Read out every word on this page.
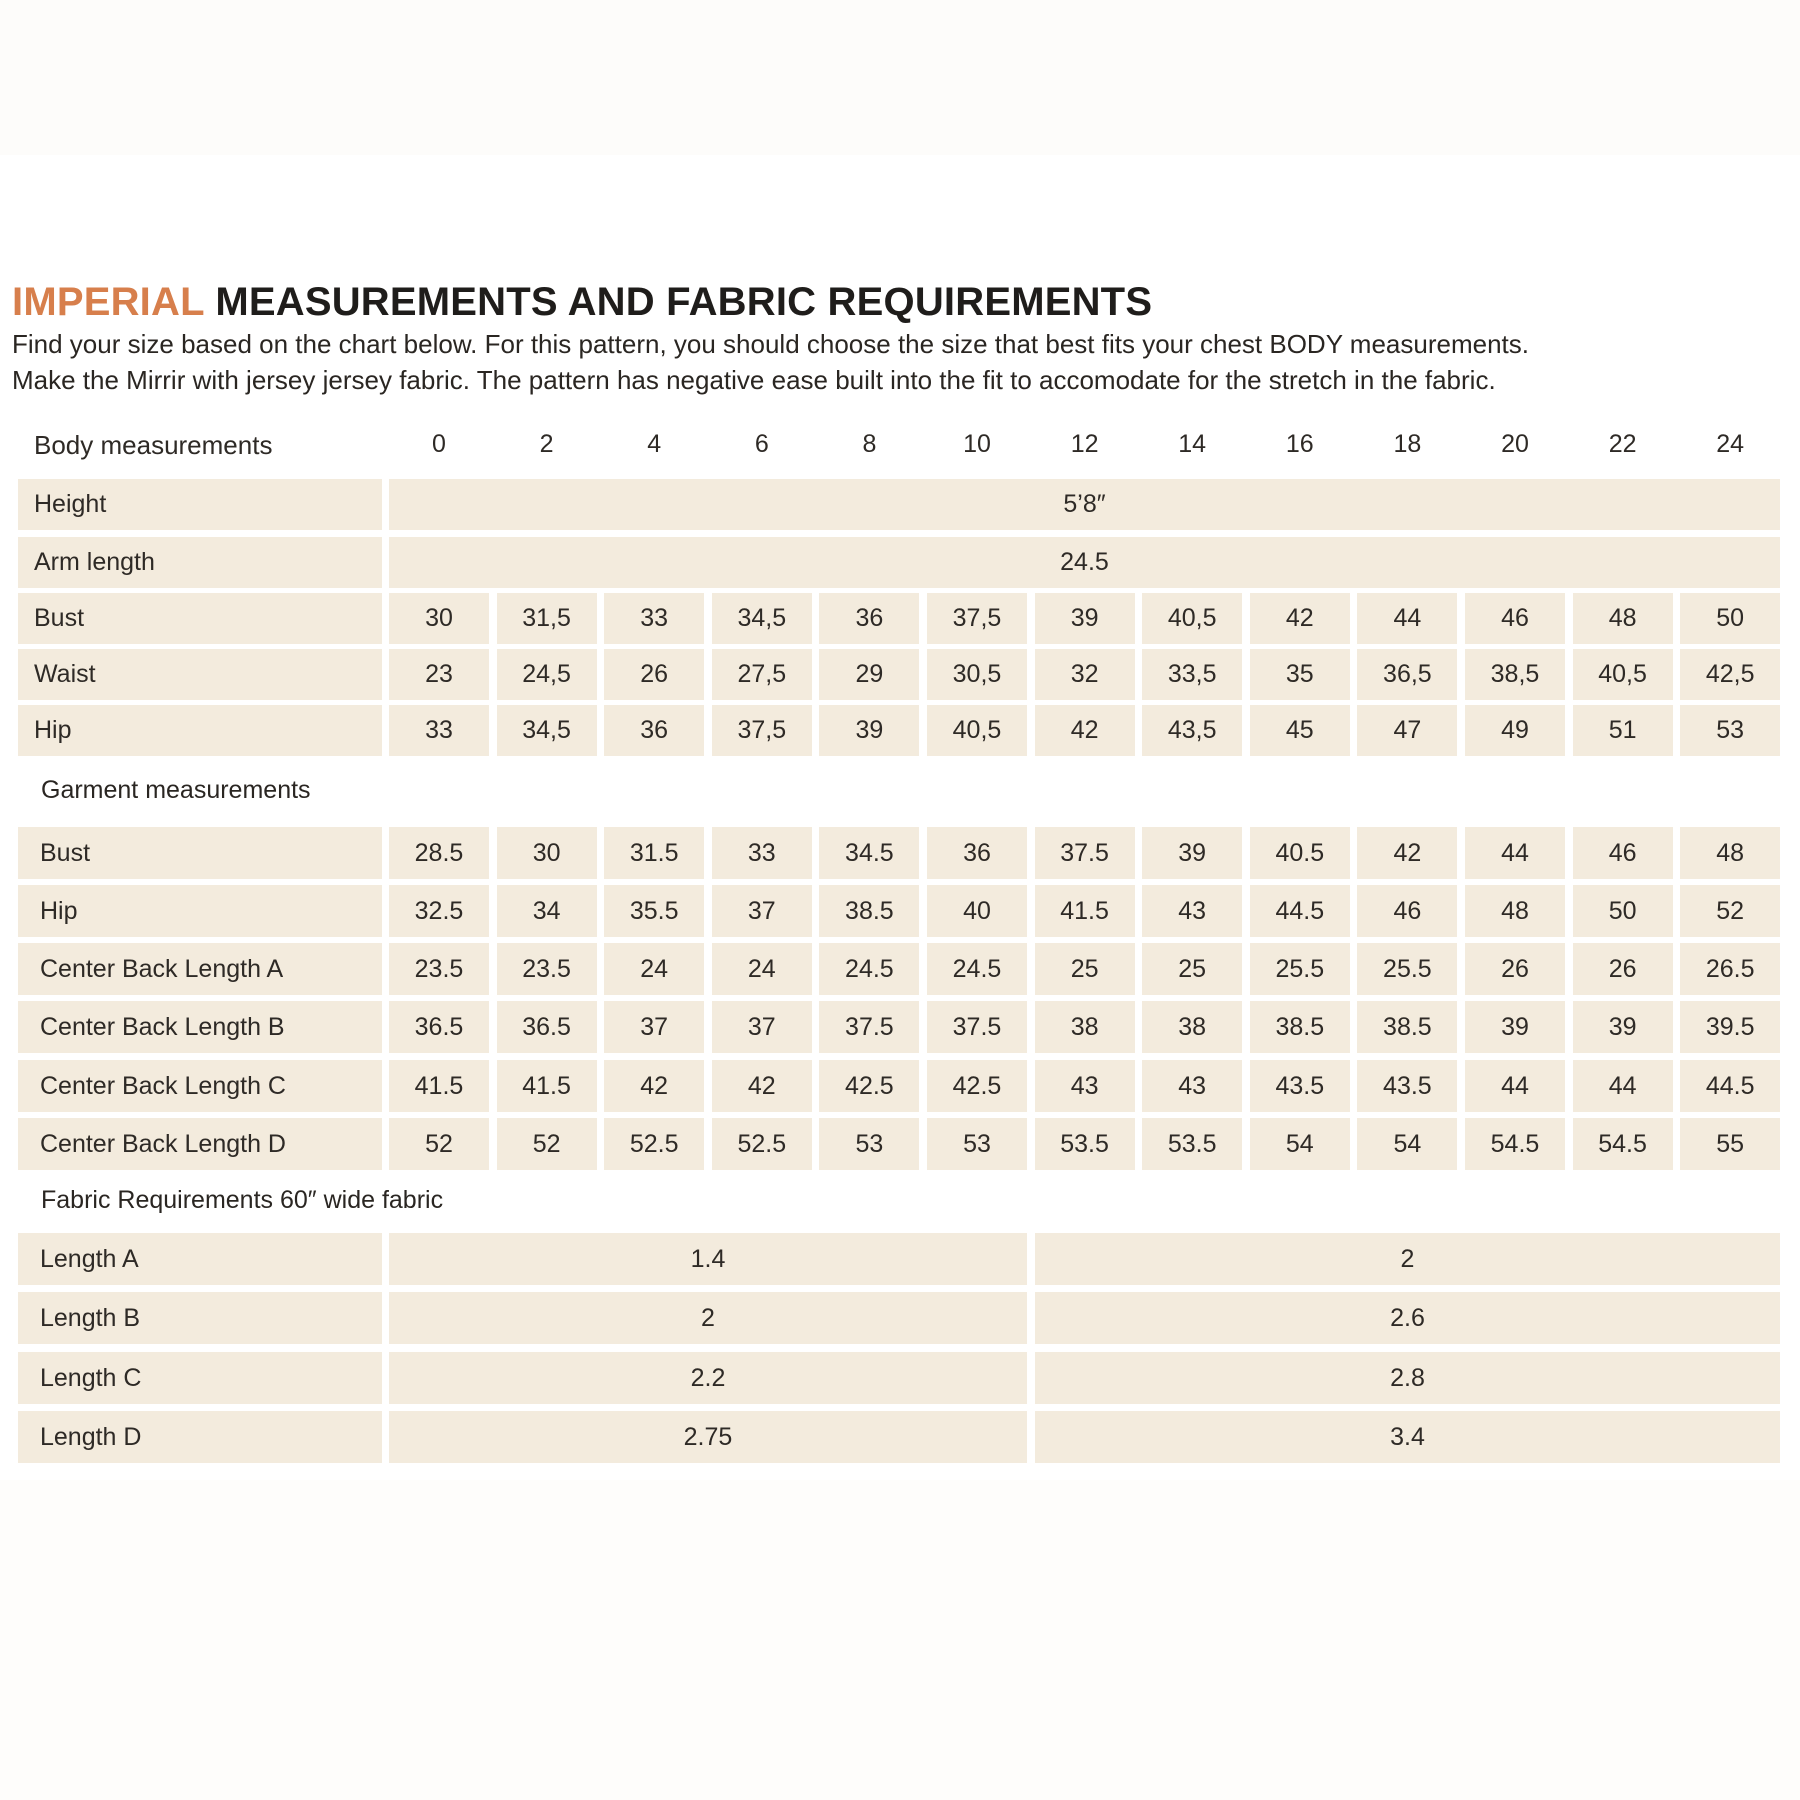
IMPERIAL MEASUREMENTS AND FABRIC REQUIREMENTS
Find your size based on the chart below. For this pattern, you should choose the size that best fits your chest BODY measurements.
Make the Mirrir with jersey jersey fabric. The pattern has negative ease built into the fit to accomodate for the stretch in the fabric.
Body measurements	0	2	4	6	8	10	12	14	16	18	20	22	24
Height	5’8″
Arm length	24.5
Bust	30	31,5	33	34,5	36	37,5	39	40,5	42	44	46	48	50
Waist	23	24,5	26	27,5	29	30,5	32	33,5	35	36,5	38,5	40,5	42,5
Hip	33	34,5	36	37,5	39	40,5	42	43,5	45	47	49	51	53
Bust	28.5	30	31.5	33	34.5	36	37.5	39	40.5	42	44	46	48
Hip	32.5	34	35.5	37	38.5	40	41.5	43	44.5	46	48	50	52
Center Back Length A	23.5	23.5	24	24	24.5	24.5	25	25	25.5	25.5	26	26	26.5
Center Back Length B	36.5	36.5	37	37	37.5	37.5	38	38	38.5	38.5	39	39	39.5
Center Back Length C	41.5	41.5	42	42	42.5	42.5	43	43	43.5	43.5	44	44	44.5
Center Back Length D	52	52	52.5	52.5	53	53	53.5	53.5	54	54	54.5	54.5	55
Length A	1.4	2
Length B	2	2.6
Length C	2.2	2.8
Length D	2.75	3.4
Garment measurements
Fabric Requirements 60″ wide fabric
